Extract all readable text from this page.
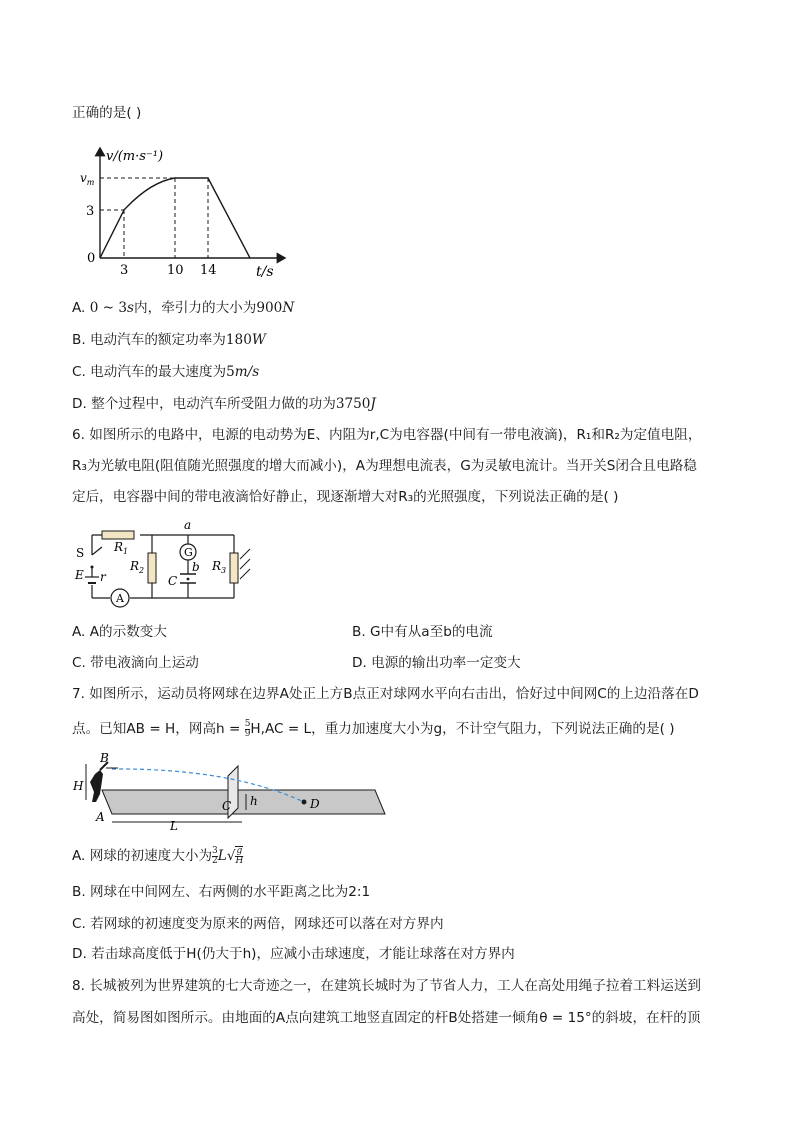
正确的是( )
v/(m·s⁻¹)
$v_m$
3
0
3	10 14	t/s
A. 0 ~ 3s内，牵引力的大小为900N
B. 电动汽车的额定功率为180W
C. 电动汽车的最大速度为5m/s
D. 整个过程中，电动汽车所受阻力做的功为3750J
6. 如图所示的电路中，电源的电动势为E、内阻为r,C为电容器(中间有一带电液滴)，R₁和R₂为定值电阻，
R₃为光敏电阻(阻值随光照强度的增大而减小)，A为理想电流表，G为灵敏电流计。当开关S闭合且电路稳
定后，电容器中间的带电液滴恰好静止，现逐渐增大对R₃的光照强度，下列说法正确的是( )
S
E r
$R_1$
A
$R_2$
G
a
b
C
$R_3$
A. A的示数变大	B. G中有从a至b的电流
C. 带电液滴向上运动	D. 电源的输出功率一定变大
7. 如图所示，运动员将网球在边界A处正上方B点正对球网水平向右击出，恰好过中间网C的上边沿落在D
点。已知AB = H，网高$h = \frac{5}{9} H,AC = L$，重力加速度大小为g，不计空气阻力，下列说法正确的是( )
B
H
A
C h	D
L
A. 网球的初速度大小为 $\frac{3}{2} L√ \frac{g}{H}$
B. 网球在中间网左、右两侧的水平距离之比为2:1
C. 若网球的初速度变为原来的两倍，网球还可以落在对方界内
D. 若击球高度低于H(仍大于h)，应减小击球速度，才能让球落在对方界内
8. 长城被列为世界建筑的七大奇迹之一，在建筑长城时为了节省人力，工人在高处用绳子拉着工料运送到
高处，简易图如图所示。由地面的A点向建筑工地竖直固定的杆B处搭建一倾角θ = 15°的斜坡，在杆的顶
